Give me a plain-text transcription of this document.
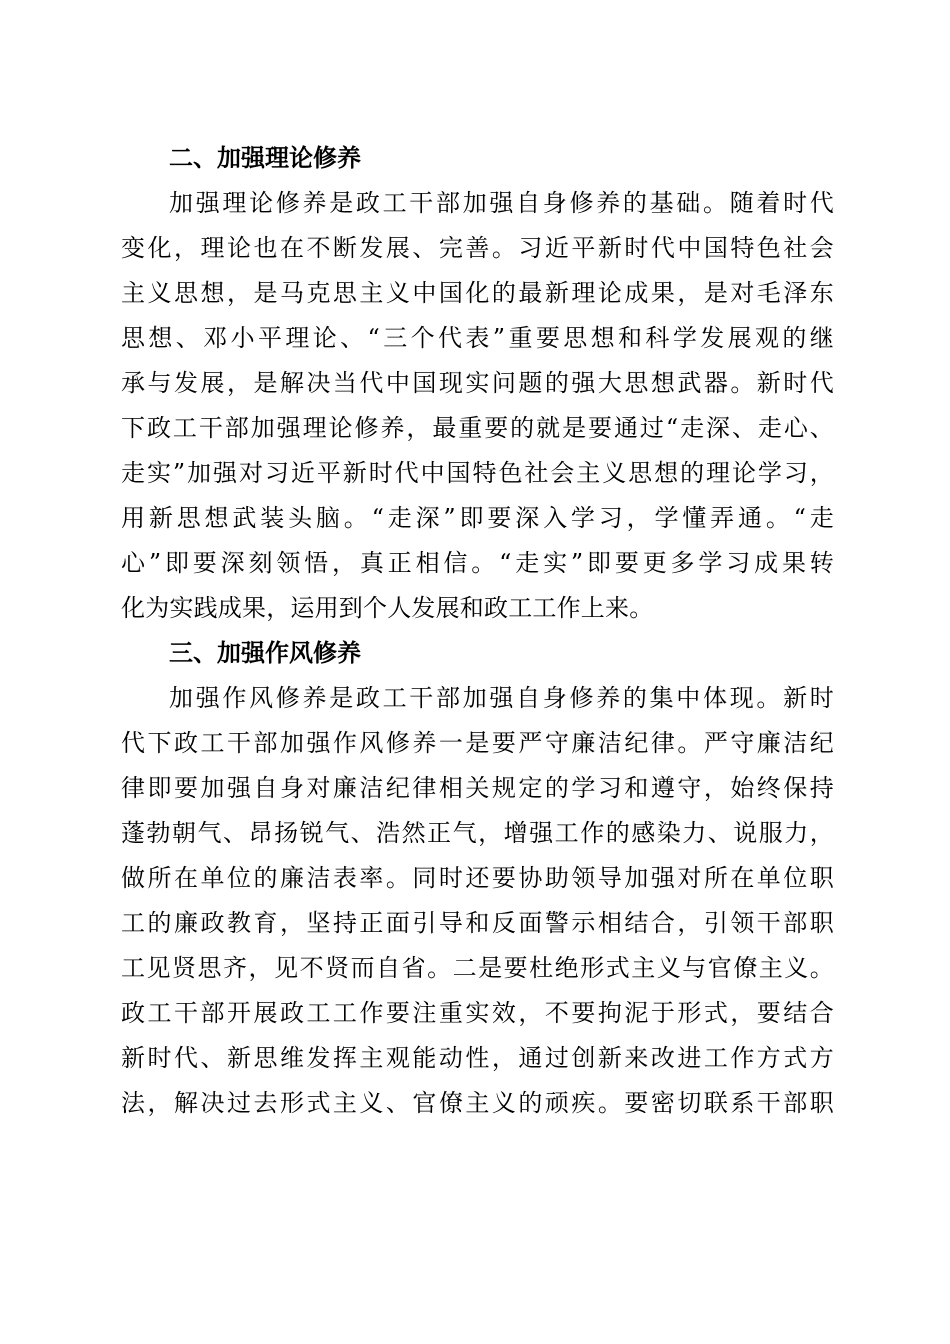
二、加强理论修养
加强理论修养是政工干部加强自身修养的基础。随着时代
变化，理论也在不断发展、完善。习近平新时代中国特色社会
主义思想，是马克思主义中国化的最新理论成果，是对毛泽东
思想、邓小平理论、“三个代表”重要思想和科学发展观的继
承与发展，是解决当代中国现实问题的强大思想武器。新时代
下政工干部加强理论修养，最重要的就是要通过“走深、走心、
走实”加强对习近平新时代中国特色社会主义思想的理论学习，
用新思想武装头脑。“走深”即要深入学习，学懂弄通。“走
心”即要深刻领悟，真正相信。“走实”即要更多学习成果转
化为实践成果，运用到个人发展和政工工作上来。
三、加强作风修养
加强作风修养是政工干部加强自身修养的集中体现。新时
代下政工干部加强作风修养一是要严守廉洁纪律。严守廉洁纪
律即要加强自身对廉洁纪律相关规定的学习和遵守，始终保持
蓬勃朝气、昂扬锐气、浩然正气，增强工作的感染力、说服力，
做所在单位的廉洁表率。同时还要协助领导加强对所在单位职
工的廉政教育，坚持正面引导和反面警示相结合，引领干部职
工见贤思齐，见不贤而自省。二是要杜绝形式主义与官僚主义。
政工干部开展政工工作要注重实效，不要拘泥于形式，要结合
新时代、新思维发挥主观能动性，通过创新来改进工作方式方
法，解决过去形式主义、官僚主义的顽疾。要密切联系干部职
